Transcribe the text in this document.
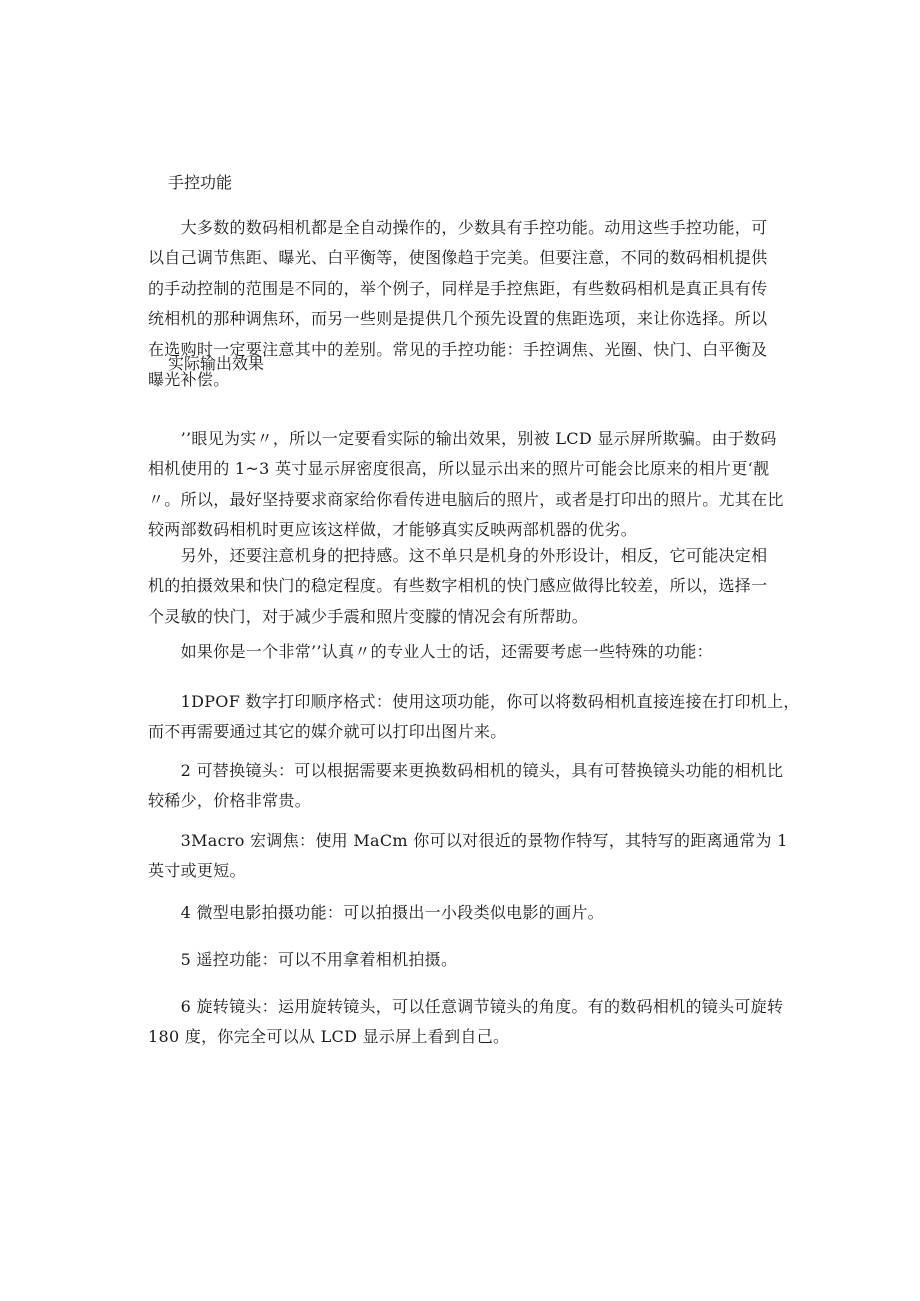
手控功能

　　大多数的数码相机都是全自动操作的，少数具有手控功能。动用这些手控功能，可
以自己调节焦距、曝光、白平衡等，使图像趋于完美。但要注意，不同的数码相机提供
的手动控制的范围是不同的，举个例子，同样是手控焦距，有些数码相机是真正具有传
统相机的那种调焦环，而另一些则是提供几个预先设置的焦距选项，来让你选择。所以
在选购时一定要注意其中的差别。常见的手控功能：手控调焦、光圈、快门、白平衡及
曝光补偿。

实际输出效果

　　’’眼见为实〃，所以一定要看实际的输出效果，别被 LCD 显示屏所欺骗。由于数码
相机使用的 1~3 英寸显示屏密度很高，所以显示出来的照片可能会比原来的相片更‘靓
〃。所以，最好坚持要求商家给你看传进电脑后的照片，或者是打印出的照片。尤其在比
较两部数码相机时更应该这样做，才能够真实反映两部机器的优劣。
　　另外，还要注意机身的把持感。这不单只是机身的外形设计，相反，它可能决定相
机的拍摄效果和快门的稳定程度。有些数字相机的快门感应做得比较差，所以，选择一
个灵敏的快门，对于减少手震和照片变朦的情况会有所帮助。
　　如果你是一个非常’’认真〃的专业人士的话，还需要考虑一些特殊的功能：
　　1DPOF 数字打印顺序格式：使用这项功能，你可以将数码相机直接连接在打印机上，
而不再需要通过其它的媒介就可以打印出图片来。
　　2 可替换镜头：可以根据需要来更换数码相机的镜头，具有可替换镜头功能的相机比
较稀少，价格非常贵。
　　3Macro 宏调焦：使用 MaCm 你可以对很近的景物作特写，其特写的距离通常为 1
英寸或更短。
　　4 微型电影拍摄功能：可以拍摄出一小段类似电影的画片。
　　5 遥控功能：可以不用拿着相机拍摄。
　　6 旋转镜头：运用旋转镜头，可以任意调节镜头的角度。有的数码相机的镜头可旋转
180 度，你完全可以从 LCD 显示屏上看到自己。
